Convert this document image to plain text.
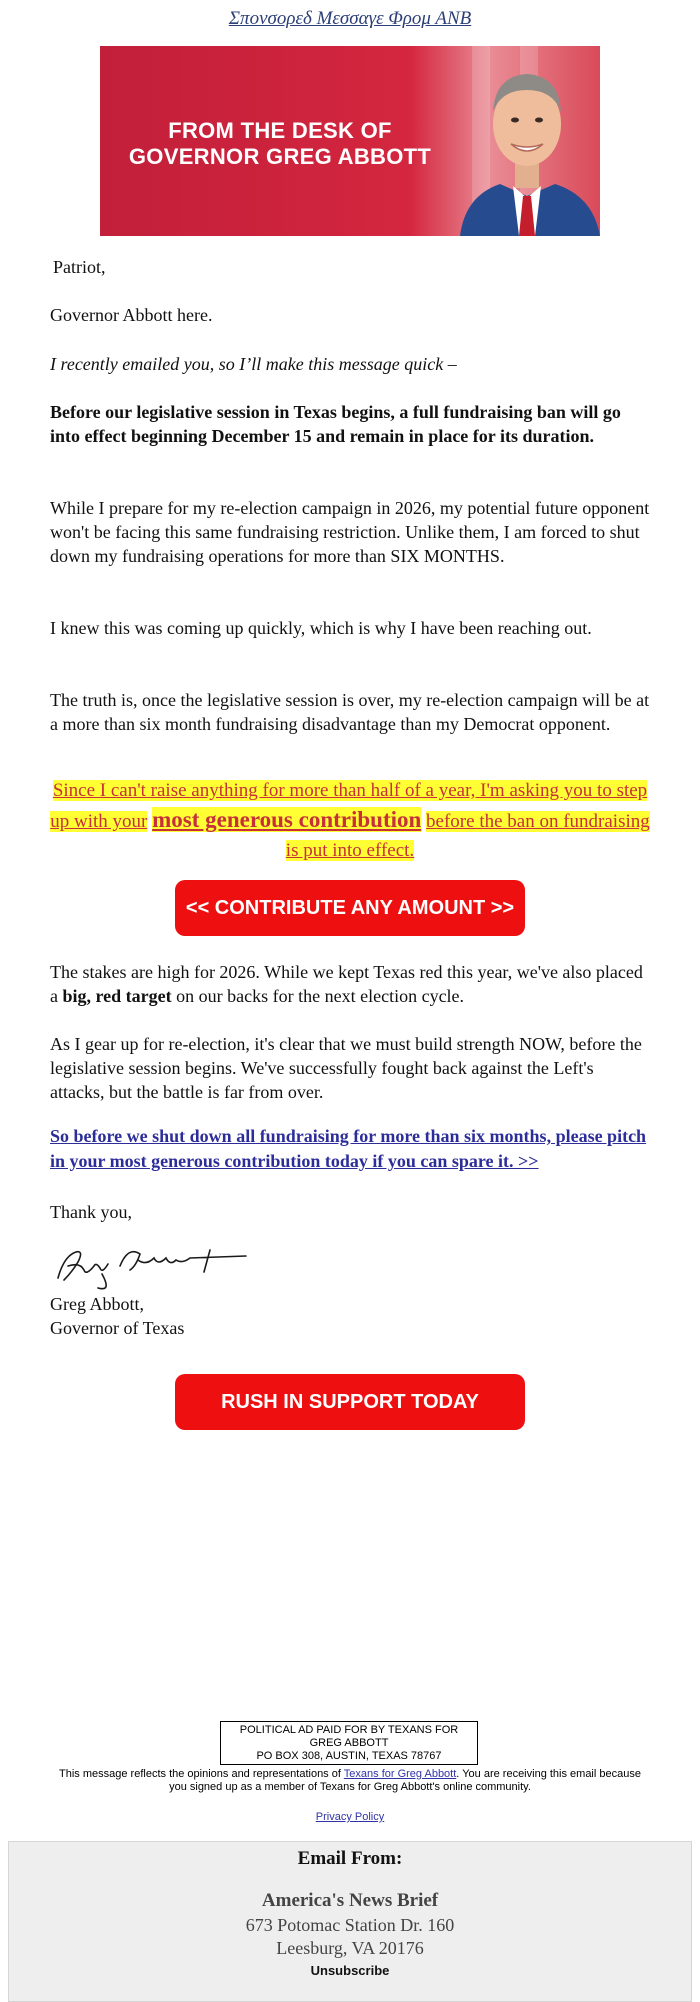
Σπονσορεδ Μεσσαγε Φρομ ΑΝΒ
FROM THE DESK OF
GOVERNOR GREG ABBOTT
Patriot,
Governor Abbott here.
I recently emailed you, so I’ll make this message quick –
Before our legislative session in Texas begins, a full fundraising ban will go into effect beginning December 15 and remain in place for its duration.
While I prepare for my re-election campaign in 2026, my potential future opponent won't be facing this same fundraising restriction. Unlike them, I am forced to shut down my fundraising operations for more than SIX MONTHS.
I knew this was coming up quickly, which is why I have been reaching out.
The truth is, once the legislative session is over, my re-election campaign will be at a more than six month fundraising disadvantage than my Democrat opponent.
Since I can't raise anything for more than half of a year, I'm asking you to step up with your most generous contribution before the ban on fundraising is put into effect.
<< CONTRIBUTE ANY AMOUNT >>
The stakes are high for 2026. While we kept Texas red this year, we've also placed a big, red target on our backs for the next election cycle.
As I gear up for re-election, it's clear that we must build strength NOW, before the legislative session begins. We've successfully fought back against the Left's attacks, but the battle is far from over.
So before we shut down all fundraising for more than six months, please pitch in your most generous contribution today if you can spare it. >>
Thank you,
Greg Abbott,
Governor of Texas
RUSH IN SUPPORT TODAY
POLITICAL AD PAID FOR BY TEXANS FOR
GREG ABBOTT
PO BOX 308, AUSTIN, TEXAS 78767
This message reflects the opinions and representations of Texans for Greg Abbott. You are receiving this email because you signed up as a member of Texans for Greg Abbott's online community.
Privacy Policy
Email From:
America's News Brief
673 Potomac Station Dr. 160
Leesburg, VA 20176
Unsubscribe
